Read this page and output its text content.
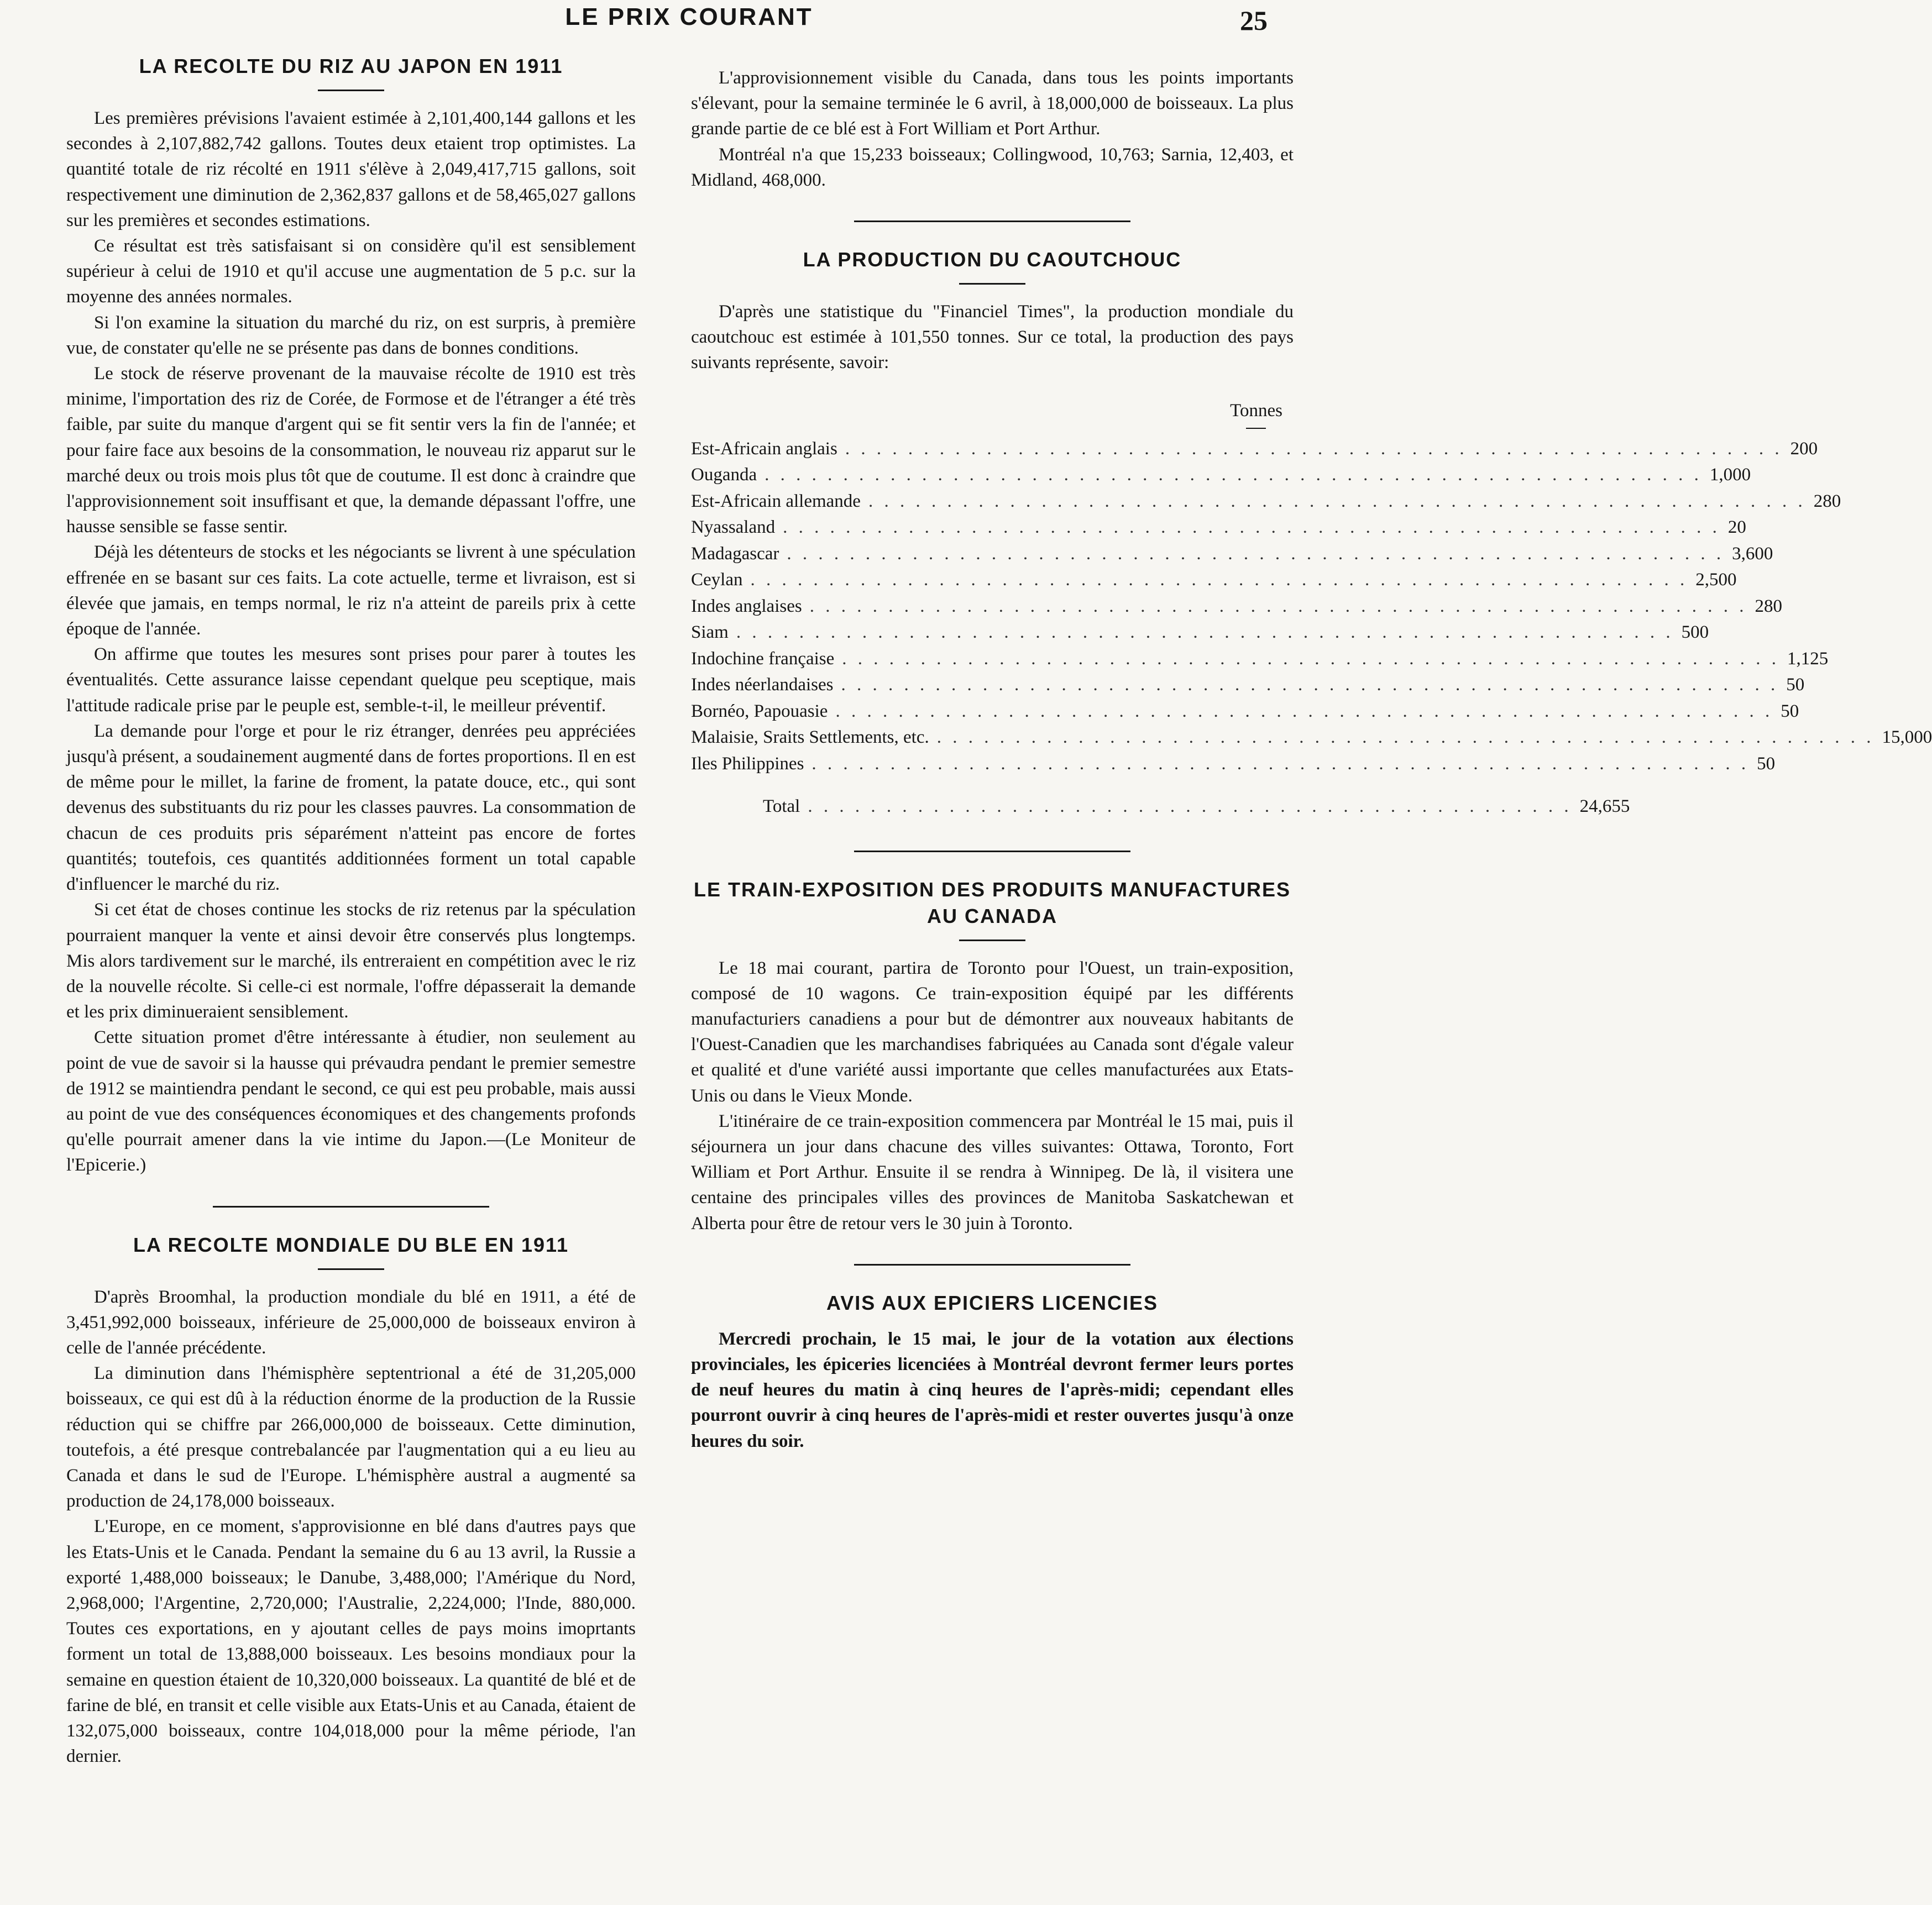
LE PRIX COURANT	25
LA RECOLTE DU RIZ AU JAPON EN 1911

Les premières prévisions l'avaient estimée à 2,101,400,144 gallons et les secondes à 2,107,882,742 gallons. Toutes deux etaient trop optimistes. La quantité totale de riz récolté en 1911 s'élève à 2,049,417,715 gallons, soit respectivement une diminution de 2,362,837 gallons et de 58,465,027 gallons sur les premières et secondes estimations.

Ce résultat est très satisfaisant si on considère qu'il est sensiblement supérieur à celui de 1910 et qu'il accuse une augmentation de 5 p.c. sur la moyenne des années normales.

Si l'on examine la situation du marché du riz, on est surpris, à première vue, de constater qu'elle ne se présente pas dans de bonnes conditions.

Le stock de réserve provenant de la mauvaise récolte de 1910 est très minime, l'importation des riz de Corée, de Formose et de l'étranger a été très faible, par suite du manque d'argent qui se fit sentir vers la fin de l'année; et pour faire face aux besoins de la consommation, le nouveau riz apparut sur le marché deux ou trois mois plus tôt que de coutume. Il est donc à craindre que l'approvisionnement soit insuffisant et que, la demande dépassant l'offre, une hausse sensible se fasse sentir.

Déjà les détenteurs de stocks et les négociants se livrent à une spéculation effrenée en se basant sur ces faits. La cote actuelle, terme et livraison, est si élevée que jamais, en temps normal, le riz n'a atteint de pareils prix à cette époque de l'année.

On affirme que toutes les mesures sont prises pour parer à toutes les éventualités. Cette assurance laisse cependant quelque peu sceptique, mais l'attitude radicale prise par le peuple est, semble-t-il, le meilleur préventif.

La demande pour l'orge et pour le riz étranger, denrées peu appréciées jusqu'à présent, a soudainement augmenté dans de fortes proportions. Il en est de même pour le millet, la farine de froment, la patate douce, etc., qui sont devenus des substituants du riz pour les classes pauvres. La consommation de chacun de ces produits pris séparément n'atteint pas encore de fortes quantités; toutefois, ces quantités additionnées forment un total capable d'influencer le marché du riz.

Si cet état de choses continue les stocks de riz retenus par la spéculation pourraient manquer la vente et ainsi devoir être conservés plus longtemps. Mis alors tardivement sur le marché, ils entreraient en compétition avec le riz de la nouvelle récolte. Si celle-ci est normale, l'offre dépasserait la demande et les prix diminueraient sensiblement.

Cette situation promet d'être intéressante à étudier, non seulement au point de vue de savoir si la hausse qui prévaudra pendant le premier semestre de 1912 se maintiendra pendant le second, ce qui est peu probable, mais aussi au point de vue des conséquences économiques et des changements profonds qu'elle pourrait amener dans la vie intime du Japon.—(Le Moniteur de l'Epicerie.)

LA RECOLTE MONDIALE DU BLE EN 1911

D'après Broomhal, la production mondiale du blé en 1911, a été de 3,451,992,000 boisseaux, inférieure de 25,000,000 de boisseaux environ à celle de l'année précédente.

La diminution dans l'hémisphère septentrional a été de 31,205,000 boisseaux, ce qui est dû à la réduction énorme de la production de la Russie réduction qui se chiffre par 266,000,000 de boisseaux. Cette diminution, toutefois, a été presque contrebalancée par l'augmentation qui a eu lieu au Canada et dans le sud de l'Europe. L'hémisphère austral a augmenté sa production de 24,178,000 boisseaux.

L'Europe, en ce moment, s'approvisionne en blé dans d'autres pays que les Etats-Unis et le Canada. Pendant la semaine du 6 au 13 avril, la Russie a exporté 1,488,000 boisseaux; le Danube, 3,488,000; l'Amérique du Nord, 2,968,000; l'Argentine, 2,720,000; l'Australie, 2,224,000; l'Inde, 880,000. Toutes ces exportations, en y ajoutant celles de pays moins imoprtants forment un total de 13,888,000 boisseaux. Les besoins mondiaux pour la semaine en question étaient de 10,320,000 boisseaux. La quantité de blé et de farine de blé, en transit et celle visible aux Etats-Unis et au Canada, étaient de 132,075,000 boisseaux, contre 104,018,000 pour la même période, l'an dernier.

L'approvisionnement visible du Canada, dans tous les points importants s'élevant, pour la semaine terminée le 6 avril, à 18,000,000 de boisseaux. La plus grande partie de ce blé est à Fort William et Port Arthur.

Montréal n'a que 15,233 boisseaux; Collingwood, 10,763; Sarnia, 12,403, et Midland, 468,000.

LA PRODUCTION DU CAOUTCHOUC

D'après une statistique du "Financiel Times", la production mondiale du caoutchouc est estimée à 101,550 tonnes. Sur ce total, la production des pays suivants représente, savoir:

Tonnes
Est-Africain anglais . . . . . . . . . . . . . . . . . . . . . . . . . . . . . . . . . . . . . . . . . . . . . . . . . . . . . . . . . . . . 200
Ouganda . . . . . . . . . . . . . . . . . . . . . . . . . . . . . . . . . . . . . . . . . . . . . . . . . . . . . . . . . . . . 1,000
Est-Africain allemande . . . . . . . . . . . . . . . . . . . . . . . . . . . . . . . . . . . . . . . . . . . . . . . . . . . . . . . . . . . . 280
Nyassaland . . . . . . . . . . . . . . . . . . . . . . . . . . . . . . . . . . . . . . . . . . . . . . . . . . . . . . . . . . . . 20
Madagascar . . . . . . . . . . . . . . . . . . . . . . . . . . . . . . . . . . . . . . . . . . . . . . . . . . . . . . . . . . . . 3,600
Ceylan . . . . . . . . . . . . . . . . . . . . . . . . . . . . . . . . . . . . . . . . . . . . . . . . . . . . . . . . . . . . 2,500
Indes anglaises . . . . . . . . . . . . . . . . . . . . . . . . . . . . . . . . . . . . . . . . . . . . . . . . . . . . . . . . . . . . 280
Siam . . . . . . . . . . . . . . . . . . . . . . . . . . . . . . . . . . . . . . . . . . . . . . . . . . . . . . . . . . . . 500
Indochine française . . . . . . . . . . . . . . . . . . . . . . . . . . . . . . . . . . . . . . . . . . . . . . . . . . . . . . . . . . . . 1,125
Indes néerlandaises . . . . . . . . . . . . . . . . . . . . . . . . . . . . . . . . . . . . . . . . . . . . . . . . . . . . . . . . . . . . 50
Bornéo, Papouasie . . . . . . . . . . . . . . . . . . . . . . . . . . . . . . . . . . . . . . . . . . . . . . . . . . . . . . . . . . . . 50
Malaisie, Sraits Settlements, etc. . . . . . . . . . . . . . . . . . . . . . . . . . . . . . . . . . . . . . . . . . . . . . . . . . . . . . . . . . . . . 15,000
Iles Philippines . . . . . . . . . . . . . . . . . . . . . . . . . . . . . . . . . . . . . . . . . . . . . . . . . . . . . . . . . . . . 50
Total . . . . . . . . . . . . . . . . . . . . . . . . . . . . . . . . . . . . . . . . . . . . . . . . . 24,655
LE TRAIN-EXPOSITION DES PRODUITS MANUFACTURES AU CANADA

Le 18 mai courant, partira de Toronto pour l'Ouest, un train-exposition, composé de 10 wagons. Ce train-exposition équipé par les différents manufacturiers canadiens a pour but de démontrer aux nouveaux habitants de l'Ouest-Canadien que les marchandises fabriquées au Canada sont d'égale valeur et qualité et d'une variété aussi importante que celles manufacturées aux Etats-Unis ou dans le Vieux Monde.

L'itinéraire de ce train-exposition commencera par Montréal le 15 mai, puis il séjournera un jour dans chacune des villes suivantes: Ottawa, Toronto, Fort William et Port Arthur. Ensuite il se rendra à Winnipeg. De là, il visitera une centaine des principales villes des provinces de Manitoba Saskatchewan et Alberta pour être de retour vers le 30 juin à Toronto.

AVIS AUX EPICIERS LICENCIES

Mercredi prochain, le 15 mai, le jour de la votation aux élections provinciales, les épiceries licenciées à Montréal devront fermer leurs portes de neuf heures du matin à cinq heures de l'après-midi; cependant elles pourront ouvrir à cinq heures de l'après-midi et rester ouvertes jusqu'à onze heures du soir.
